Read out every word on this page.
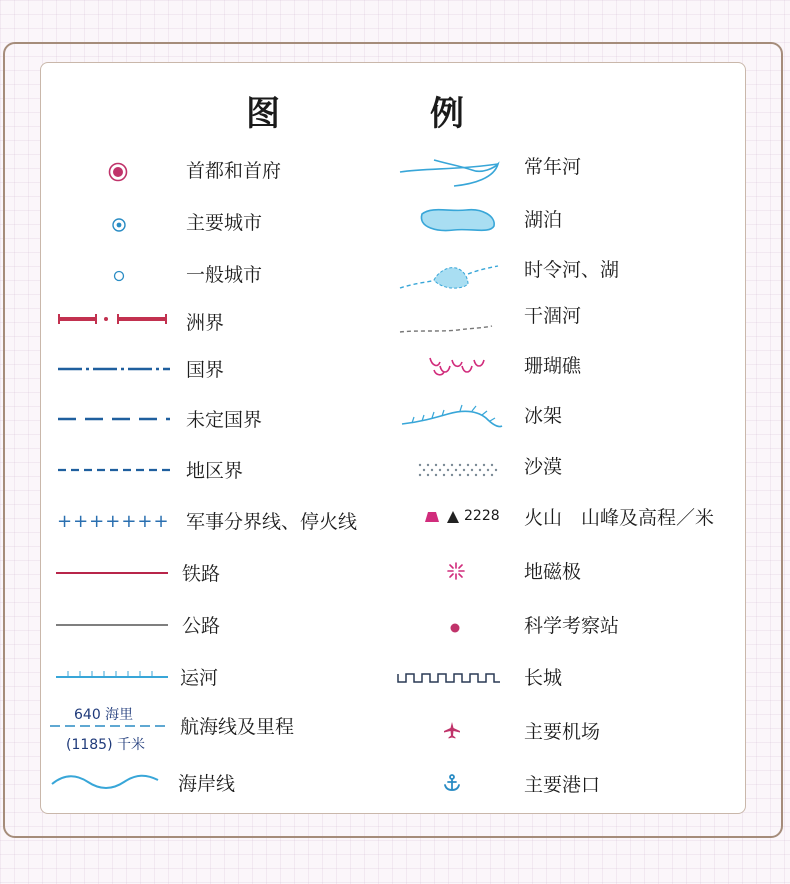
图　例
+++++++
640 海里
(1185) 千米
首都和首府
主要城市
一般城市
洲界
国界
未定国界
地区界
军事分界线、停火线
铁路
公路
运河
航海线及里程
海岸线
2228
常年河
湖泊
时令河、湖
干涸河
珊瑚礁
冰架
沙漠
火山　山峰及高程／米
地磁极
科学考察站
长城
主要机场
主要港口
